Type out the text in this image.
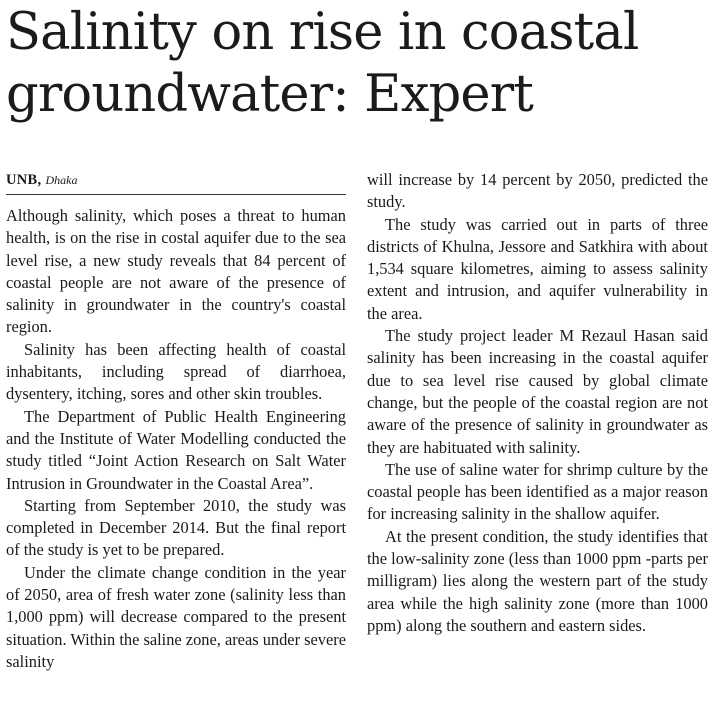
Salinity on rise in coastal groundwater: Expert
UNB, Dhaka

Although salinity, which poses a threat to human health, is on the rise in costal aquifer due to the sea level rise, a new study reveals that 84 percent of coastal people are not aware of the presence of salinity in groundwater in the country's coastal region.

Salinity has been affecting health of coastal inhabitants, including spread of diarrhoea, dysentery, itching, sores and other skin troubles.

The Department of Public Health Engineering and the Institute of Water Modelling conducted the study titled “Joint Action Research on Salt Water Intrusion in Groundwater in the Coastal Area”.

Starting from September 2010, the study was completed in December 2014. But the final report of the study is yet to be prepared.

Under the climate change condition in the year of 2050, area of fresh water zone (salinity less than 1,000 ppm) will decrease compared to the present situation. Within the saline zone, areas under severe salinity

will increase by 14 percent by 2050, predicted the study.

The study was carried out in parts of three districts of Khulna, Jessore and Satkhira with about 1,534 square kilometres, aiming to assess salinity extent and intrusion, and aquifer vulnerability in the area.

The study project leader M Rezaul Hasan said salinity has been increasing in the coastal aquifer due to sea level rise caused by global climate change, but the people of the coastal region are not aware of the presence of salinity in groundwater as they are habituated with salinity.

The use of saline water for shrimp culture by the coastal people has been identified as a major reason for increasing salinity in the shallow aquifer.

At the present condition, the study identifies that the low-salinity zone (less than 1000 ppm -parts per milligram) lies along the western part of the study area while the high salinity zone (more than 1000 ppm) along the southern and eastern sides.
